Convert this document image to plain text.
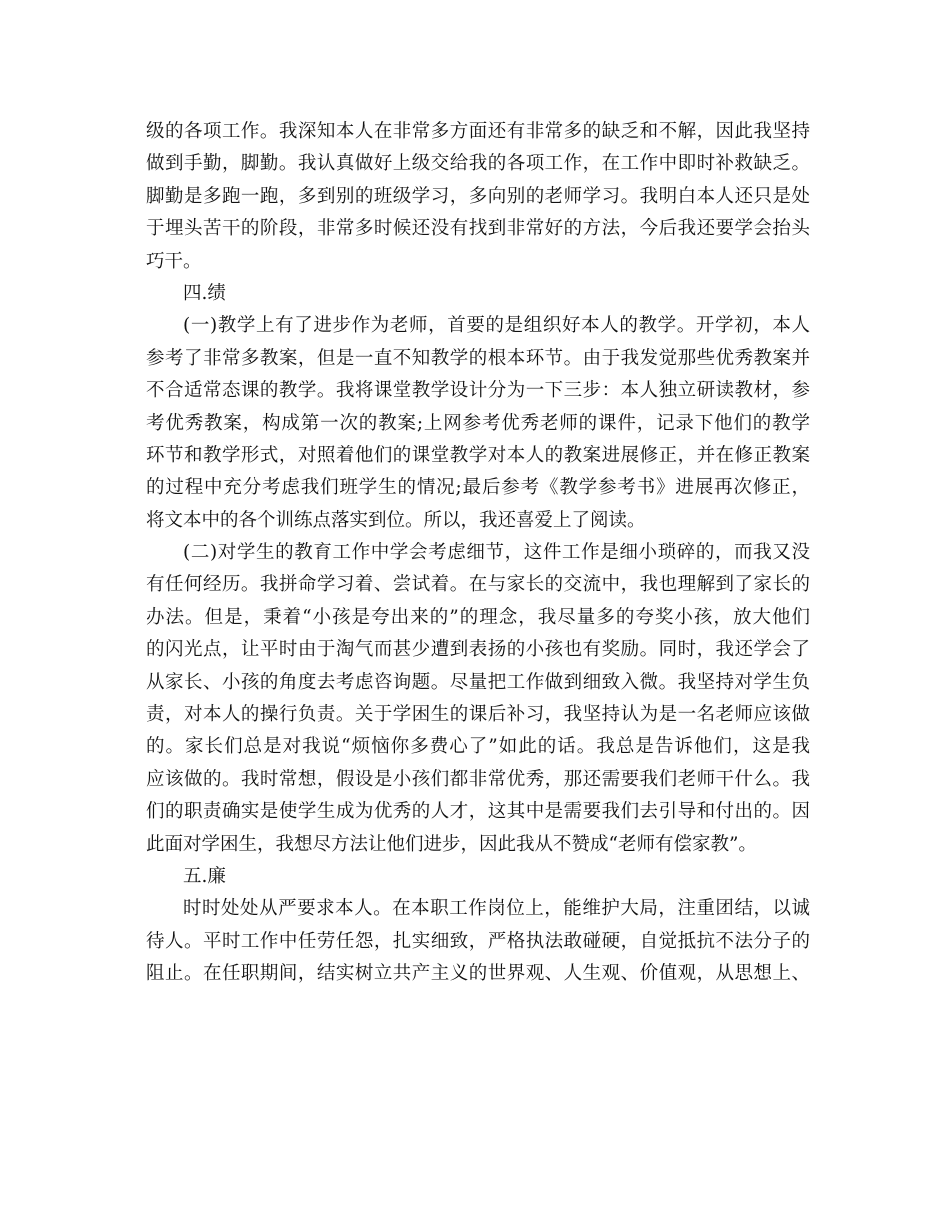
级的各项工作。我深知本人在非常多方面还有非常多的缺乏和不解，因此我坚持
做到手勤，脚勤。我认真做好上级交给我的各项工作，在工作中即时补救缺乏。
脚勤是多跑一跑，多到别的班级学习，多向别的老师学习。我明白本人还只是处
于埋头苦干的阶段，非常多时候还没有找到非常好的方法，今后我还要学会抬头
巧干。
四.绩
(一)教学上有了进步作为老师，首要的是组织好本人的教学。开学初，本人
参考了非常多教案，但是一直不知教学的根本环节。由于我发觉那些优秀教案并
不合适常态课的教学。我将课堂教学设计分为一下三步：本人独立研读教材，参
考优秀教案，构成第一次的教案;上网参考优秀老师的课件，记录下他们的教学
环节和教学形式，对照着他们的课堂教学对本人的教案进展修正，并在修正教案
的过程中充分考虑我们班学生的情况;最后参考《教学参考书》进展再次修正，
将文本中的各个训练点落实到位。所以，我还喜爱上了阅读。
(二)对学生的教育工作中学会考虑细节，这件工作是细小琐碎的，而我又没
有任何经历。我拼命学习着、尝试着。在与家长的交流中，我也理解到了家长的
办法。但是，秉着“小孩是夸出来的”的理念，我尽量多的夸奖小孩，放大他们
的闪光点，让平时由于淘气而甚少遭到表扬的小孩也有奖励。同时，我还学会了
从家长、小孩的角度去考虑咨询题。尽量把工作做到细致入微。我坚持对学生负
责，对本人的操行负责。关于学困生的课后补习，我坚持认为是一名老师应该做
的。家长们总是对我说“烦恼你多费心了”如此的话。我总是告诉他们，这是我
应该做的。我时常想，假设是小孩们都非常优秀，那还需要我们老师干什么。我
们的职责确实是使学生成为优秀的人才，这其中是需要我们去引导和付出的。因
此面对学困生，我想尽方法让他们进步，因此我从不赞成“老师有偿家教”。
五.廉
时时处处从严要求本人。在本职工作岗位上，能维护大局，注重团结，以诚
待人。平时工作中任劳任怨，扎实细致，严格执法敢碰硬，自觉抵抗不法分子的
阻止。在任职期间，结实树立共产主义的世界观、人生观、价值观，从思想上、
